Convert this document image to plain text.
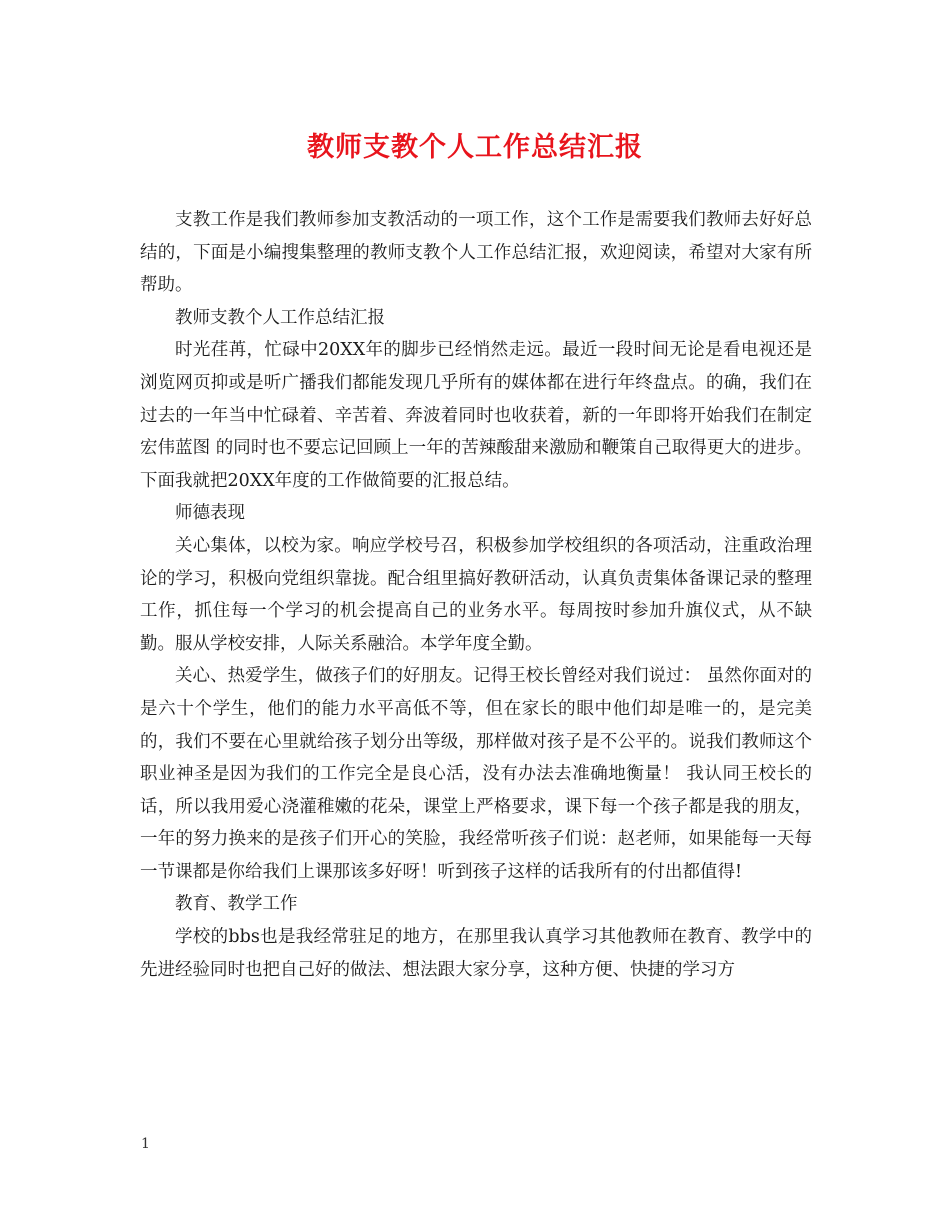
教师支教个人工作总结汇报

支教工作是我们教师参加支教活动的一项工作，这个工作是需要我们教师去好好总结的，下面是小编搜集整理的教师支教个人工作总结汇报，欢迎阅读，希望对大家有所帮助。

教师支教个人工作总结汇报

时光荏苒，忙碌中20XX年的脚步已经悄然走远。最近一段时间无论是看电视还是浏览网页抑或是听广播我们都能发现几乎所有的媒体都在进行年终盘点。的确，我们在过去的一年当中忙碌着、辛苦着、奔波着同时也收获着，新的一年即将开始我们在制定 宏伟蓝图 的同时也不要忘记回顾上一年的苦辣酸甜来激励和鞭策自己取得更大的进步。下面我就把20XX年度的工作做简要的汇报总结。

师德表现

关心集体，以校为家。响应学校号召，积极参加学校组织的各项活动，注重政治理论的学习，积极向党组织靠拢。配合组里搞好教研活动，认真负责集体备课记录的整理工作，抓住每一个学习的机会提高自己的业务水平。每周按时参加升旗仪式，从不缺勤。服从学校安排，人际关系融洽。本学年度全勤。

关心、热爱学生，做孩子们的好朋友。记得王校长曾经对我们说过： 虽然你面对的是六十个学生，他们的能力水平高低不等，但在家长的眼中他们却是唯一的，是完美的，我们不要在心里就给孩子划分出等级，那样做对孩子是不公平的。说我们教师这个职业神圣是因为我们的工作完全是良心活，没有办法去准确地衡量！ 我认同王校长的话，所以我用爱心浇灌稚嫩的花朵，课堂上严格要求，课下每一个孩子都是我的朋友，一年的努力换来的是孩子们开心的笑脸，我经常听孩子们说：赵老师，如果能每一天每一节课都是你给我们上课那该多好呀！听到孩子这样的话我所有的付出都值得!

教育、教学工作

学校的bbs也是我经常驻足的地方，在那里我认真学习其他教师在教育、教学中的先进经验同时也把自己好的做法、想法跟大家分享，这种方便、快捷的学习方

1
